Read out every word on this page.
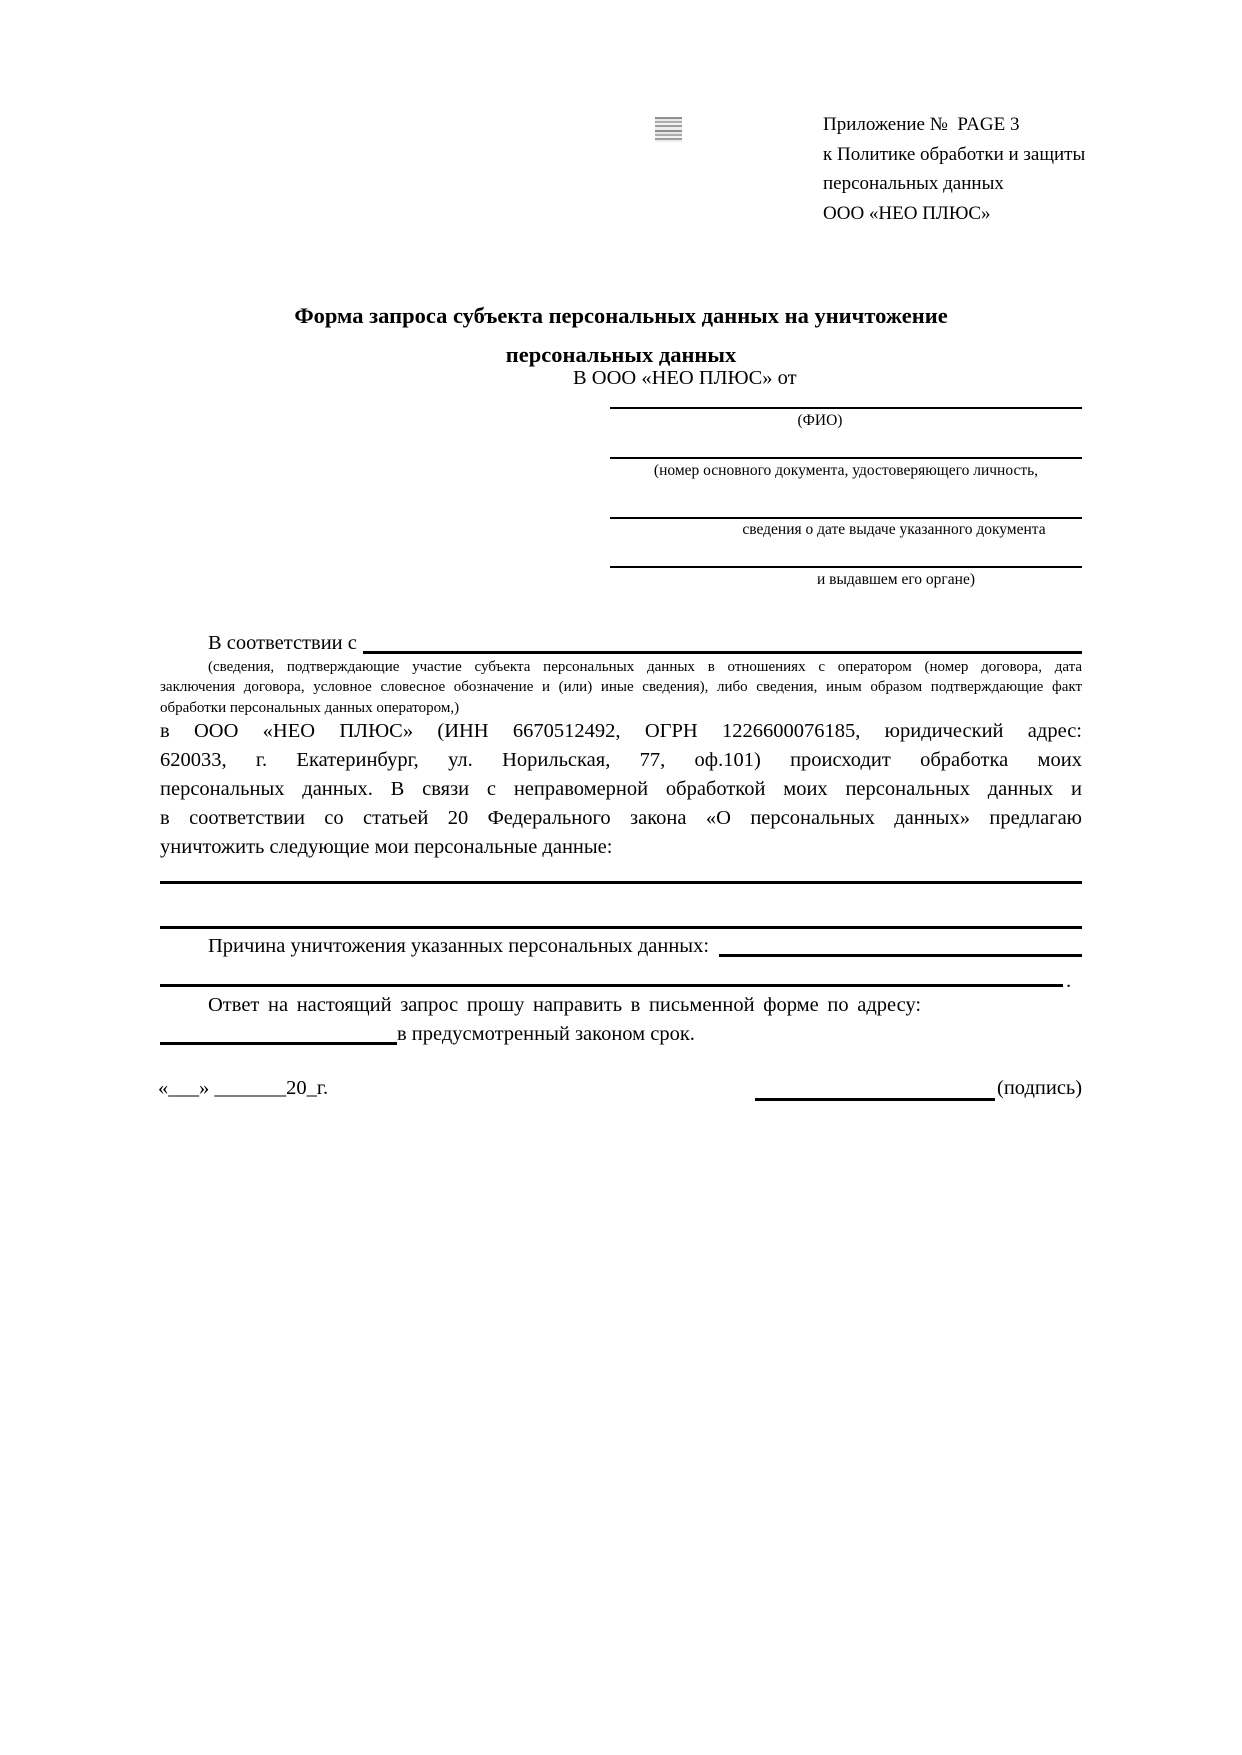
Приложение №  PAGE 3
к Политике обработки и защиты
персональных данных
ООО «НЕО ПЛЮС»
Форма запроса субъекта персональных данных на уничтожение
персональных данных
В ООО «НЕО ПЛЮС» от
(ФИО)
(номер основного документа, удостоверяющего личность,
сведения о дате выдаче указанного документа
и выдавшем его органе)
В соответствии с
(сведения, подтверждающие участие субъекта персональных данных в отношениях с оператором (номер договора, дата
заключения договора, условное словесное обозначение и (или) иные сведения), либо сведения, иным образом подтверждающие факт
обработки персональных данных оператором,)
в ООО «НЕО ПЛЮС» (ИНН 6670512492, ОГРН 1226600076185, юридический адрес:
620033, г. Екатеринбург, ул. Норильская, 77, оф.101) происходит обработка моих
персональных данных. В связи с неправомерной обработкой моих персональных данных и
в соответствии со статьей 20 Федерального закона «О персональных данных» предлагаю
уничтожить следующие мои персональные данные:
Причина уничтожения указанных персональных данных:
.
Ответ на настоящий запрос прошу направить в письменной форме по адресу:
в предусмотренный законом срок.
«___» _______20_г.	(подпись)
